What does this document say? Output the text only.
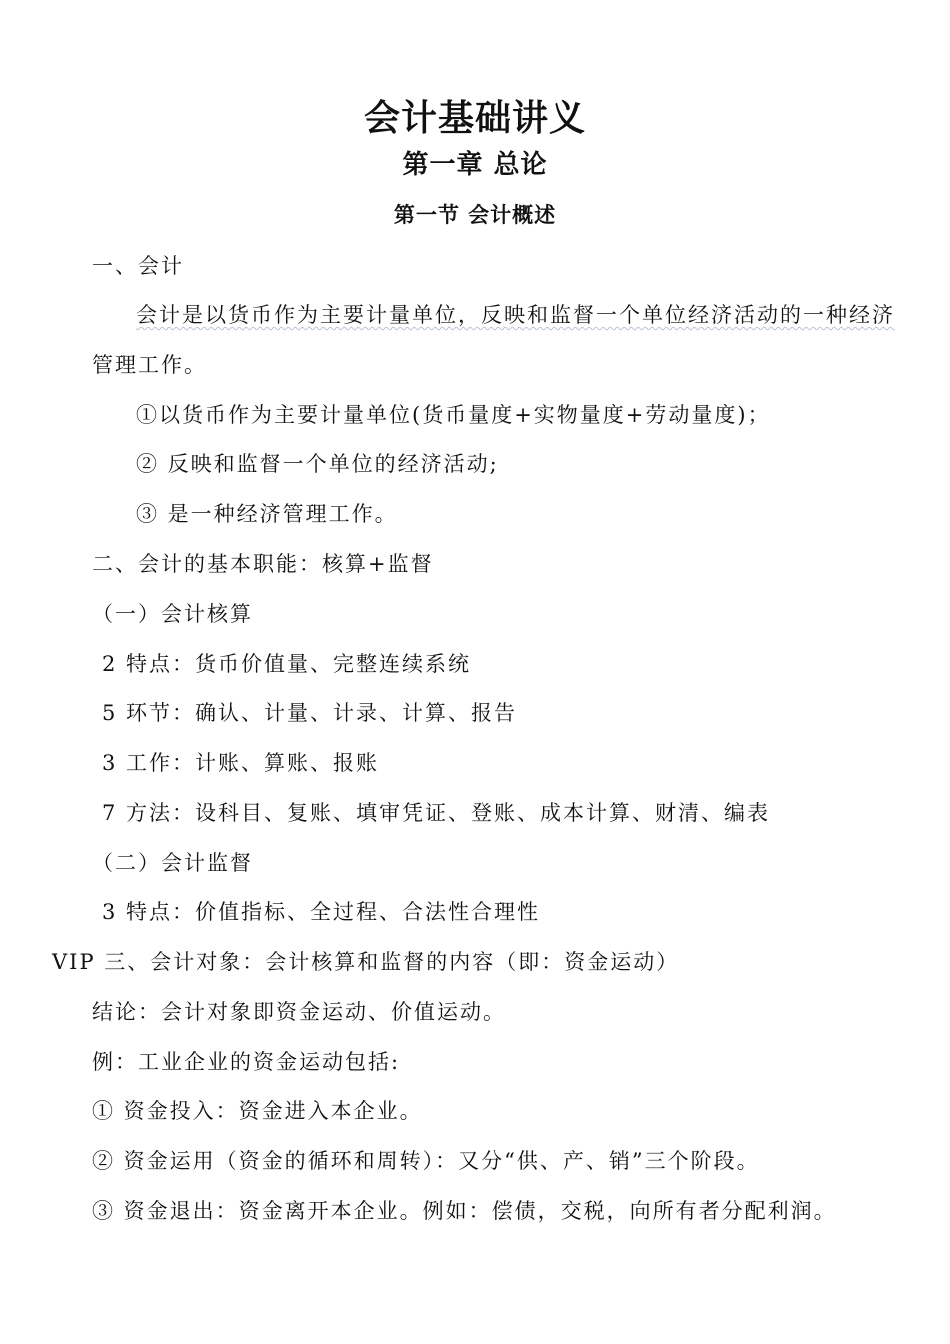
会计基础讲义
第一章 总论
第一节 会计概述
一、会计
会计是以货币作为主要计量单位，反映和监督一个单位经济活动的一种经济
管理工作。
①以货币作为主要计量单位(货币量度+实物量度+劳动量度)；
② 反映和监督一个单位的经济活动;
③ 是一种经济管理工作。
二、会计的基本职能：核算+监督
（一）会计核算
2 特点：货币价值量、完整连续系统
5 环节：确认、计量、计录、计算、报告
3 工作：计账、算账、报账
7 方法：设科目、复账、填审凭证、登账、成本计算、财清、编表
（二）会计监督
3 特点：价值指标、全过程、合法性合理性
VIP 三、会计对象：会计核算和监督的内容（即：资金运动）
结论：会计对象即资金运动、价值运动。
例：工业企业的资金运动包括:
① 资金投入：资金进入本企业。
② 资金运用（资金的循环和周转）：又分“供、产、销”三个阶段。
③ 资金退出：资金离开本企业。例如：偿债，交税，向所有者分配利润。
